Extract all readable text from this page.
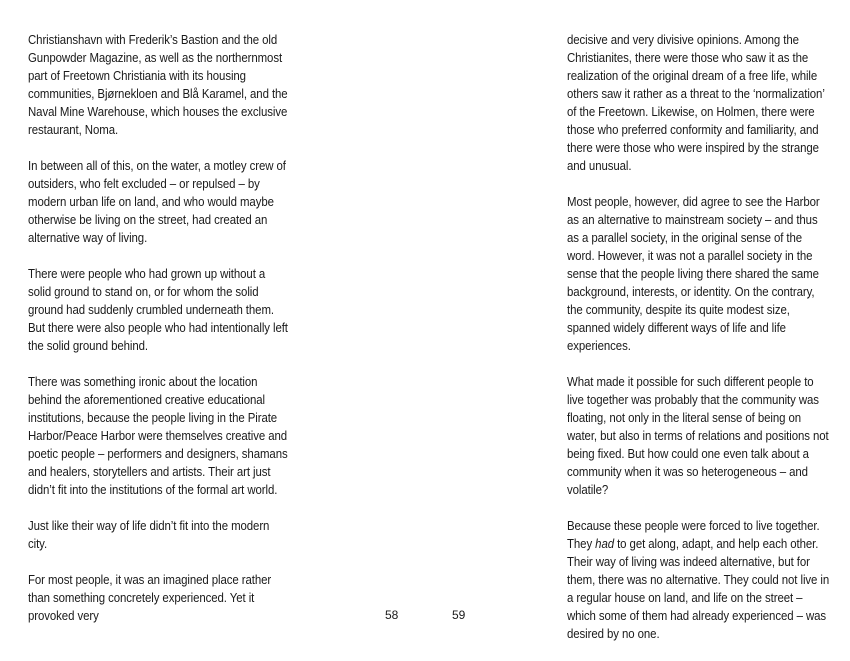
Christianshavn with Frederik’s Bastion and the old Gunpowder Magazine, as well as the northernmost part of Freetown Christiania with its housing communities, Bjørnekloen and Blå Karamel, and the Naval Mine Warehouse, which houses the exclusive restaurant, Noma.

In between all of this, on the water, a motley crew of outsiders, who felt excluded – or repulsed – by modern urban life on land, and who would maybe otherwise be living on the street, had created an alternative way of living.

There were people who had grown up without a solid ground to stand on, or for whom the solid ground had suddenly crumbled underneath them. But there were also people who had intentionally left the solid ground behind.

There was something ironic about the location behind the aforementioned creative educational institutions, because the people living in the Pirate Harbor/Peace Harbor were themselves creative and poetic people – performers and designers, shamans and healers, storytellers and artists. Their art just didn’t fit into the institutions of the formal art world.

Just like their way of life didn’t fit into the modern city.

For most people, it was an imagined place rather than something concretely experienced. Yet it provoked very

decisive and very divisive opinions. Among the Christianites, there were those who saw it as the realization of the original dream of a free life, while others saw it rather as a threat to the ‘normalization’ of the Freetown. Likewise, on Holmen, there were those who preferred conformity and familiarity, and there were those who were inspired by the strange and unusual.

Most people, however, did agree to see the Harbor as an alternative to mainstream society – and thus as a parallel society, in the original sense of the word. However, it was not a parallel society in the sense that the people living there shared the same background, interests, or identity. On the contrary, the community, despite its quite modest size, spanned widely different ways of life and life experiences.

What made it possible for such different people to live together was probably that the community was floating, not only in the literal sense of being on water, but also in terms of relations and positions not being fixed. But how could one even talk about a community when it was so heterogeneous – and volatile?

Because these people were forced to live together. They had to get along, adapt, and help each other. Their way of living was indeed alternative, but for them, there was no alternative. They could not live in a regular house on land, and life on the street – which some of them had already experienced – was desired by no one.

58	59
